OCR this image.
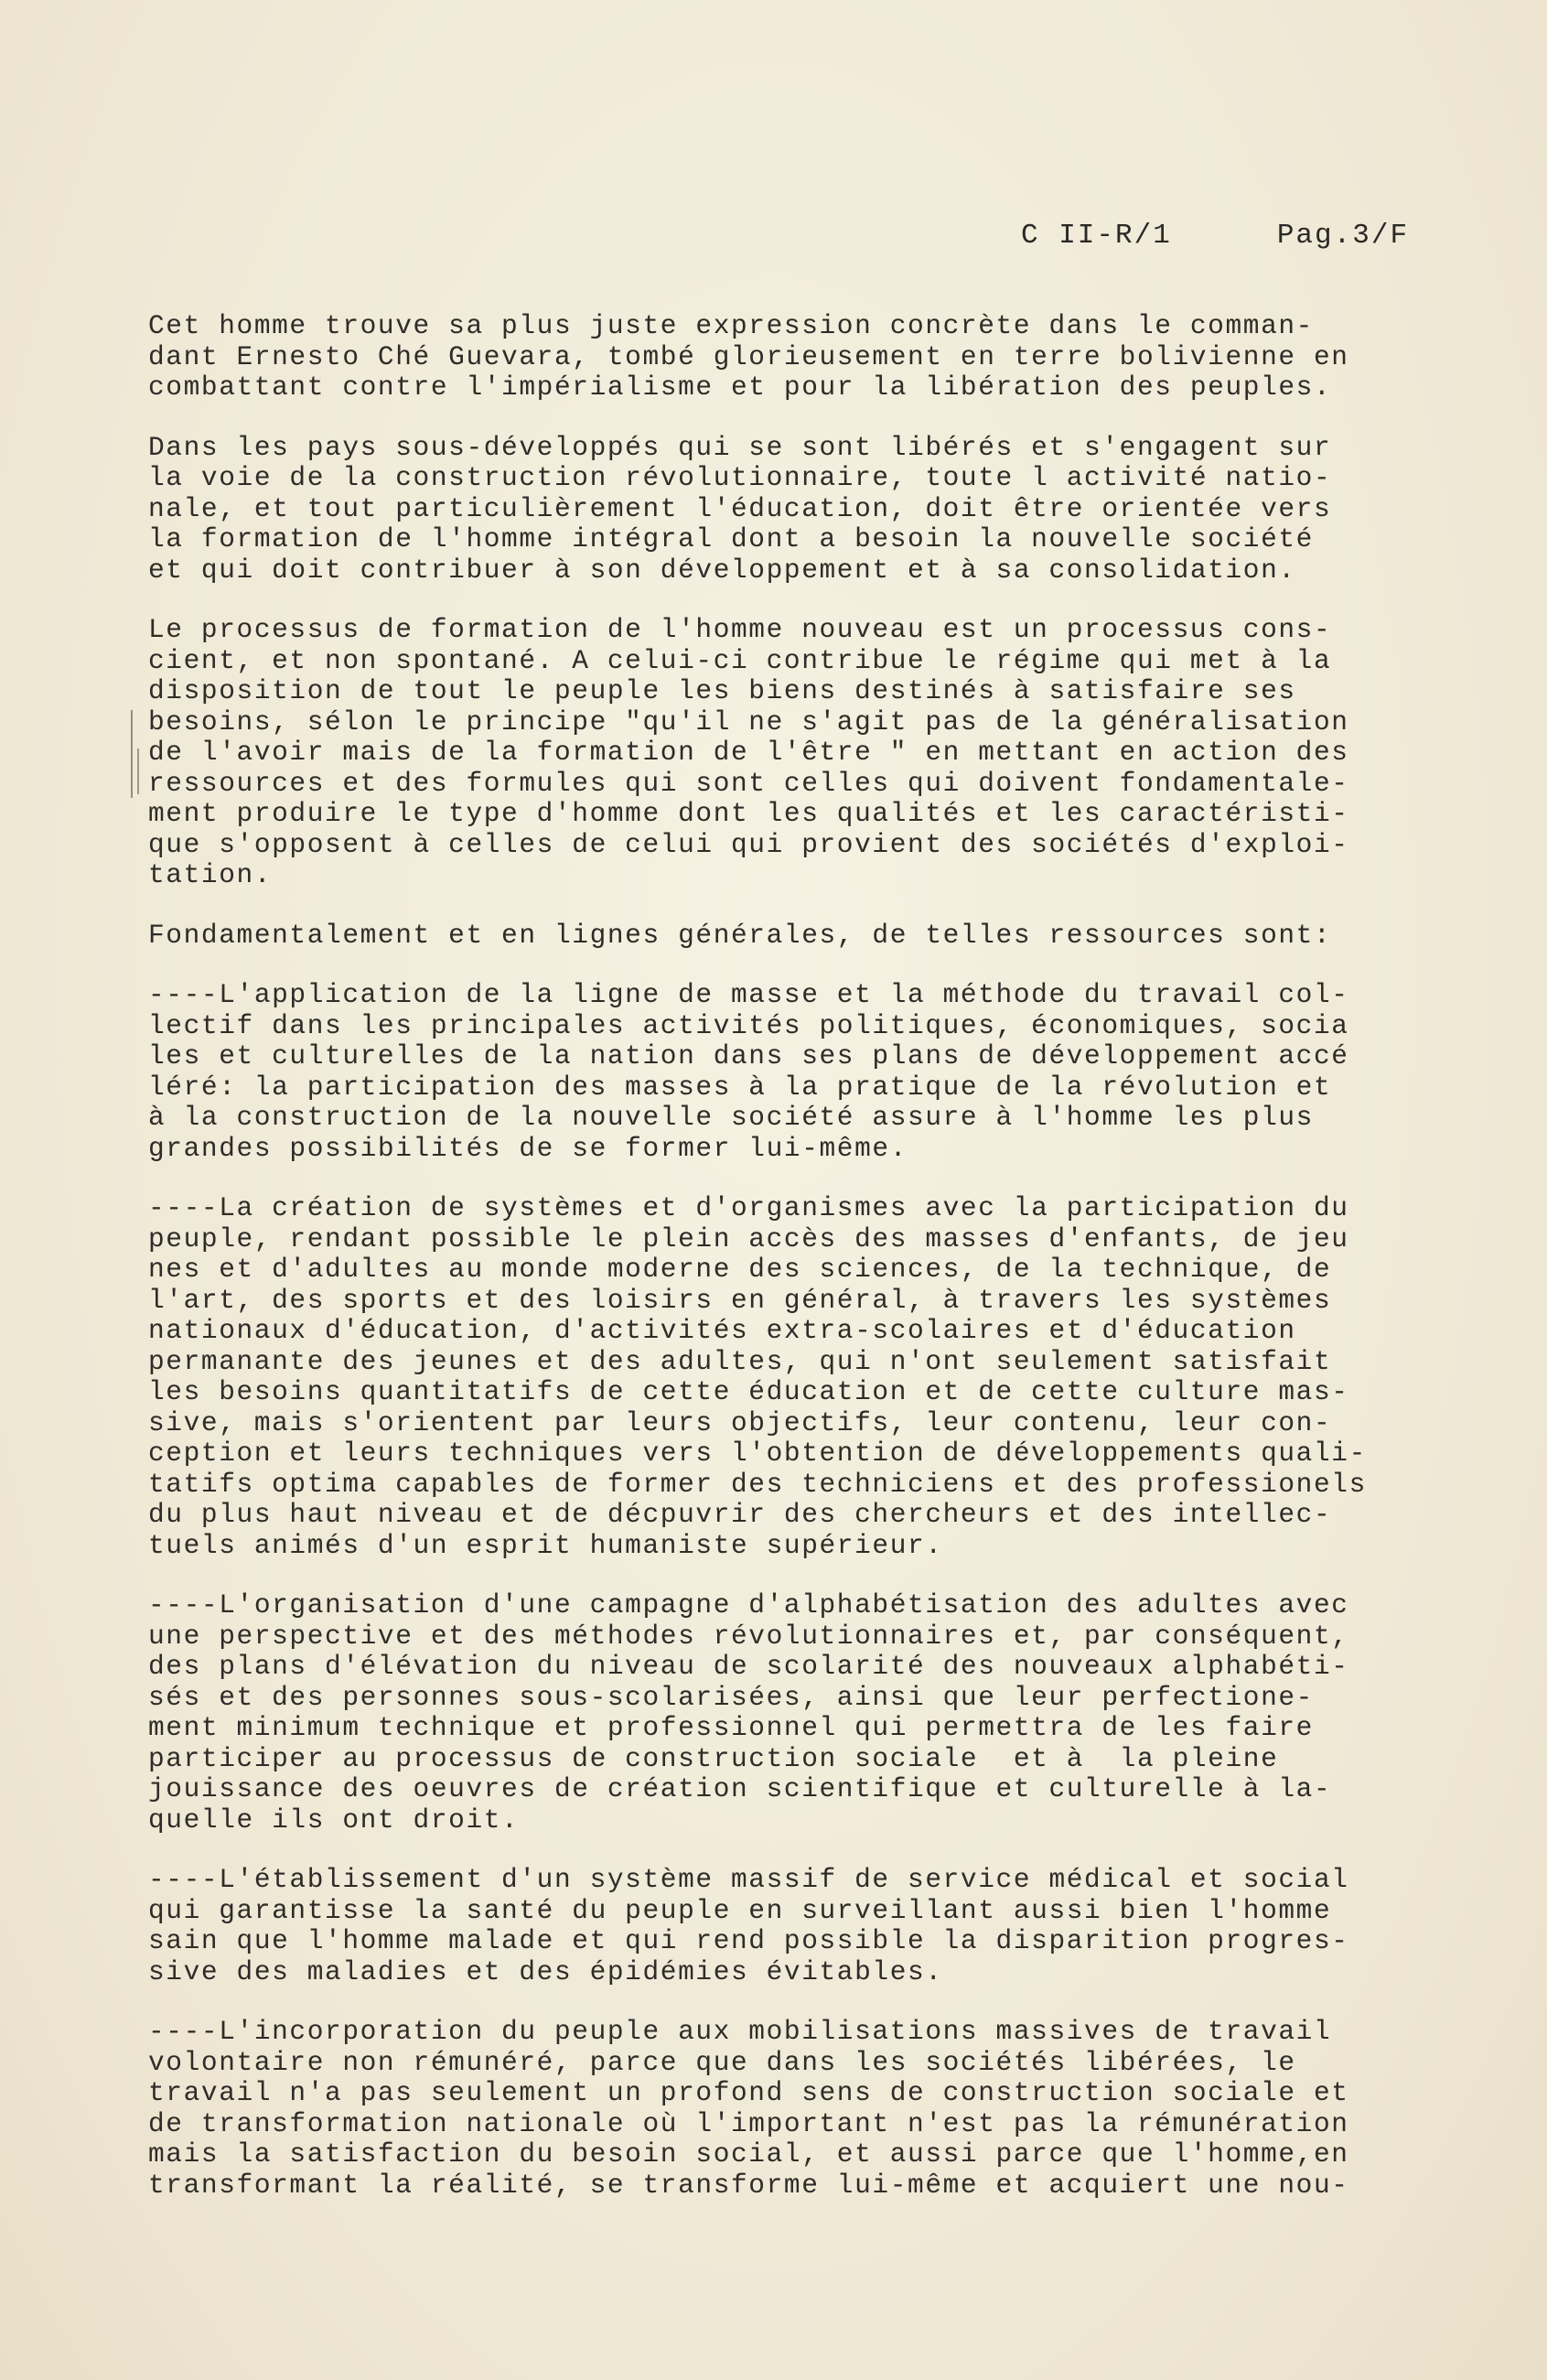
C II-R/1	Pag.3/F
Cet homme trouve sa plus juste expression concrète dans le comman-
dant Ernesto Ché Guevara, tombé glorieusement en terre bolivienne en
combattant contre l'impérialisme et pour la libération des peuples.
Dans les pays sous-développés qui se sont libérés et s'engagent sur
la voie de la construction révolutionnaire, toute l activité natio-
nale, et tout particulièrement l'éducation, doit être orientée vers
la formation de l'homme intégral dont a besoin la nouvelle société
et qui doit contribuer à son développement et à sa consolidation.
Le processus de formation de l'homme nouveau est un processus cons-
cient, et non spontané. A celui-ci contribue le régime qui met à la
disposition de tout le peuple les biens destinés à satisfaire ses
besoins, sélon le principe "qu'il ne s'agit pas de la généralisation
de l'avoir mais de la formation de l'être " en mettant en action des
ressources et des formules qui sont celles qui doivent fondamentale-
ment produire le type d'homme dont les qualités et les caractéristi-
que s'opposent à celles de celui qui provient des sociétés d'exploi-
tation.
Fondamentalement et en lignes générales, de telles ressources sont:
----L'application de la ligne de masse et la méthode du travail col-
lectif dans les principales activités politiques, économiques, socia
les et culturelles de la nation dans ses plans de développement accé
léré: la participation des masses à la pratique de la révolution et
à la construction de la nouvelle société assure à l'homme les plus
grandes possibilités de se former lui-même.
----La création de systèmes et d'organismes avec la participation du
peuple, rendant possible le plein accès des masses d'enfants, de jeu
nes et d'adultes au monde moderne des sciences, de la technique, de
l'art, des sports et des loisirs en général, à travers les systèmes
nationaux d'éducation, d'activités extra-scolaires et d'éducation
permanante des jeunes et des adultes, qui n'ont seulement satisfait
les besoins quantitatifs de cette éducation et de cette culture mas-
sive, mais s'orientent par leurs objectifs, leur contenu, leur con-
ception et leurs techniques vers l'obtention de développements quali-
tatifs optima capables de former des techniciens et des professionels
du plus haut niveau et de décpuvrir des chercheurs et des intellec-
tuels animés d'un esprit humaniste supérieur.
----L'organisation d'une campagne d'alphabétisation des adultes avec
une perspective et des méthodes révolutionnaires et, par conséquent,
des plans d'élévation du niveau de scolarité des nouveaux alphabéti-
sés et des personnes sous-scolarisées, ainsi que leur perfectione-
ment minimum technique et professionnel qui permettra de les faire
participer au processus de construction sociale  et à  la pleine
jouissance des oeuvres de création scientifique et culturelle à la-
quelle ils ont droit.
----L'établissement d'un système massif de service médical et social
qui garantisse la santé du peuple en surveillant aussi bien l'homme
sain que l'homme malade et qui rend possible la disparition progres-
sive des maladies et des épidémies évitables.
----L'incorporation du peuple aux mobilisations massives de travail
volontaire non rémunéré, parce que dans les sociétés libérées, le
travail n'a pas seulement un profond sens de construction sociale et
de transformation nationale où l'important n'est pas la rémunération
mais la satisfaction du besoin social, et aussi parce que l'homme,en
transformant la réalité, se transforme lui-même et acquiert une nou-
